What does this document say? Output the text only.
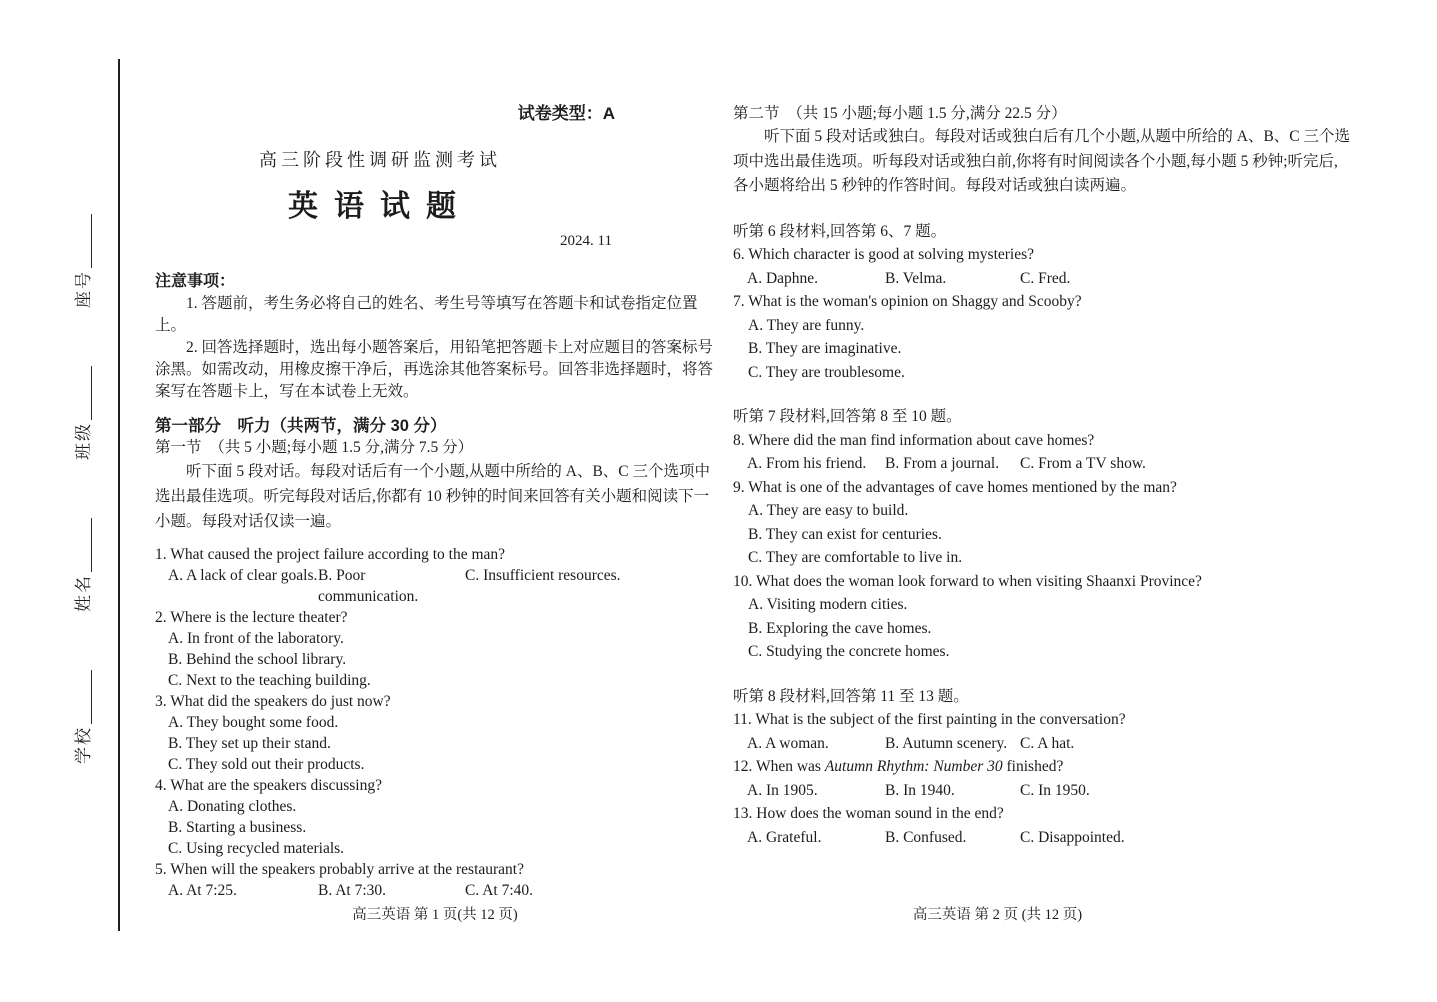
学校
姓名
班级
座号
试卷类型：A
高三阶段性调研监测考试
英语试题
2024. 11
注意事项：

1. 答题前，考生务必将自己的姓名、考生号等填写在答题卡和试卷指定位置上。

2. 回答选择题时，选出每小题答案后，用铅笔把答题卡上对应题目的答案标号涂黑。如需改动，用橡皮擦干净后，再选涂其他答案标号。回答非选择题时，将答案写在答题卡上，写在本试卷上无效。

第一部分　听力（共两节，满分 30 分）
第一节　（共 5 小题;每小题 1.5 分,满分 7.5 分）

听下面 5 段对话。每段对话后有一个小题,从题中所给的 A、B、C 三个选项中选出最佳选项。听完每段对话后,你都有 10 秒钟的时间来回答有关小题和阅读下一小题。每段对话仅读一遍。

1. What caused the project failure according to the man?
A. A lack of clear goals. B. Poor communication.
C. Insufficient resources.
2. Where is the lecture theater?
A. In front of the laboratory.
B. Behind the school library.
C. Next to the teaching building.
3. What did the speakers do just now?
A. They bought some food.
B. They set up their stand.
C. They sold out their products.
4. What are the speakers discussing?
A. Donating clothes.
B. Starting a business.
C. Using recycled materials.
5. When will the speakers probably arrive at the restaurant?
A. At 7:25.	B. At 7:30.	C. At 7:40.
高三英语 第 1 页(共 12 页)
第二节　（共 15 小题;每小题 1.5 分,满分 22.5 分）

听下面 5 段对话或独白。每段对话或独白后有几个小题,从题中所给的 A、B、C 三个选项中选出最佳选项。听每段对话或独白前,你将有时间阅读各个小题,每小题 5 秒钟;听完后,各小题将给出 5 秒钟的作答时间。每段对话或独白读两遍。

听第 6 段材料,回答第 6、7 题。
6. Which character is good at solving mysteries?
A. Daphne.	B. Velma.	C. Fred.
7. What is the woman's opinion on Shaggy and Scooby?
A. They are funny.
B. They are imaginative.
C. They are troublesome.
听第 7 段材料,回答第 8 至 10 题。
8. Where did the man find information about cave homes?
A. From his friend.	B. From a journal.	C. From a TV show.
9. What is one of the advantages of cave homes mentioned by the man?
A. They are easy to build.
B. They can exist for centuries.
C. They are comfortable to live in.
10. What does the woman look forward to when visiting Shaanxi Province?
A. Visiting modern cities.
B. Exploring the cave homes.
C. Studying the concrete homes.
听第 8 段材料,回答第 11 至 13 题。
11. What is the subject of the first painting in the conversation?
A. A woman.	B. Autumn scenery. C. A hat.
12. When was Autumn Rhythm: Number 30 finished?
A. In 1905.	B. In 1940.	C. In 1950.
13. How does the woman sound in the end?
A. Grateful.	B. Confused.	C. Disappointed.
高三英语 第 2 页 (共 12 页)
